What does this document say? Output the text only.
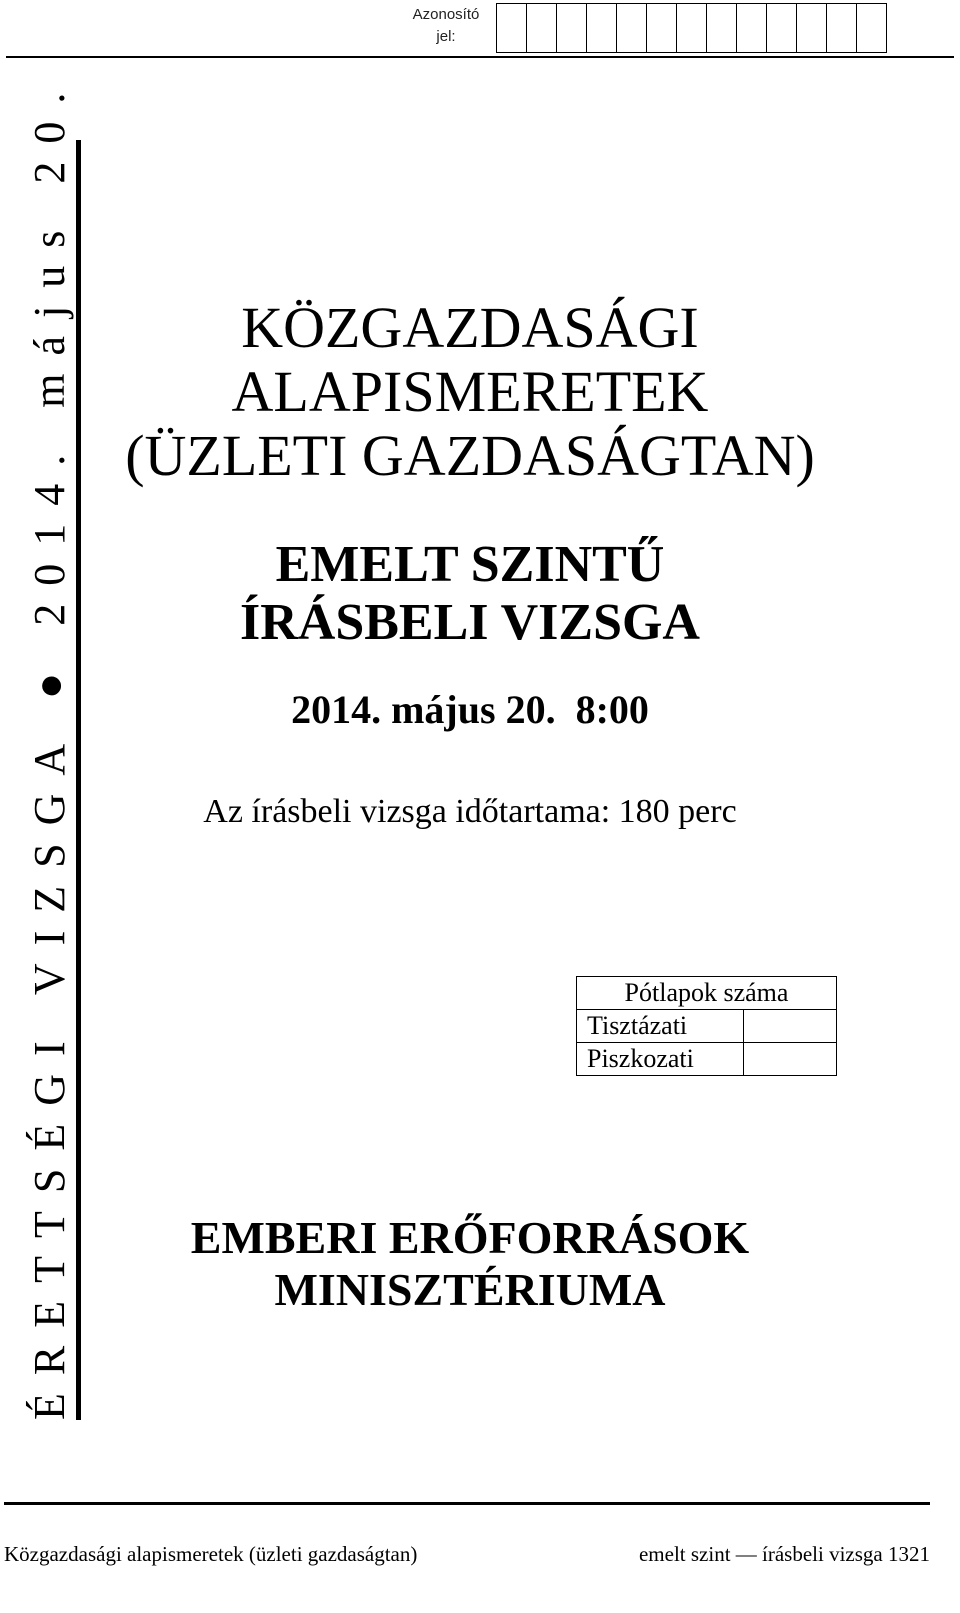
Azonosító
jel:
ÉRETTSÉGI VIZSGA ● 2014. május 20.	KÖZGAZDASÁGI
ALAPISMERETEK
(ÜZLETI GAZDASÁGTAN)
EMELT SZINTŰ
ÍRÁSBELI VIZSGA
2014. május 20.  8:00
Az írásbeli vizsga időtartama: 180 perc
Pótlapok száma	
Tisztázati	
Piszkozati	
EMBERI ERŐFORRÁSOK
MINISZTÉRIUMA
Közgazdasági alapismeretek (üzleti gazdaságtan)	emelt szint — írásbeli vizsga 1321
